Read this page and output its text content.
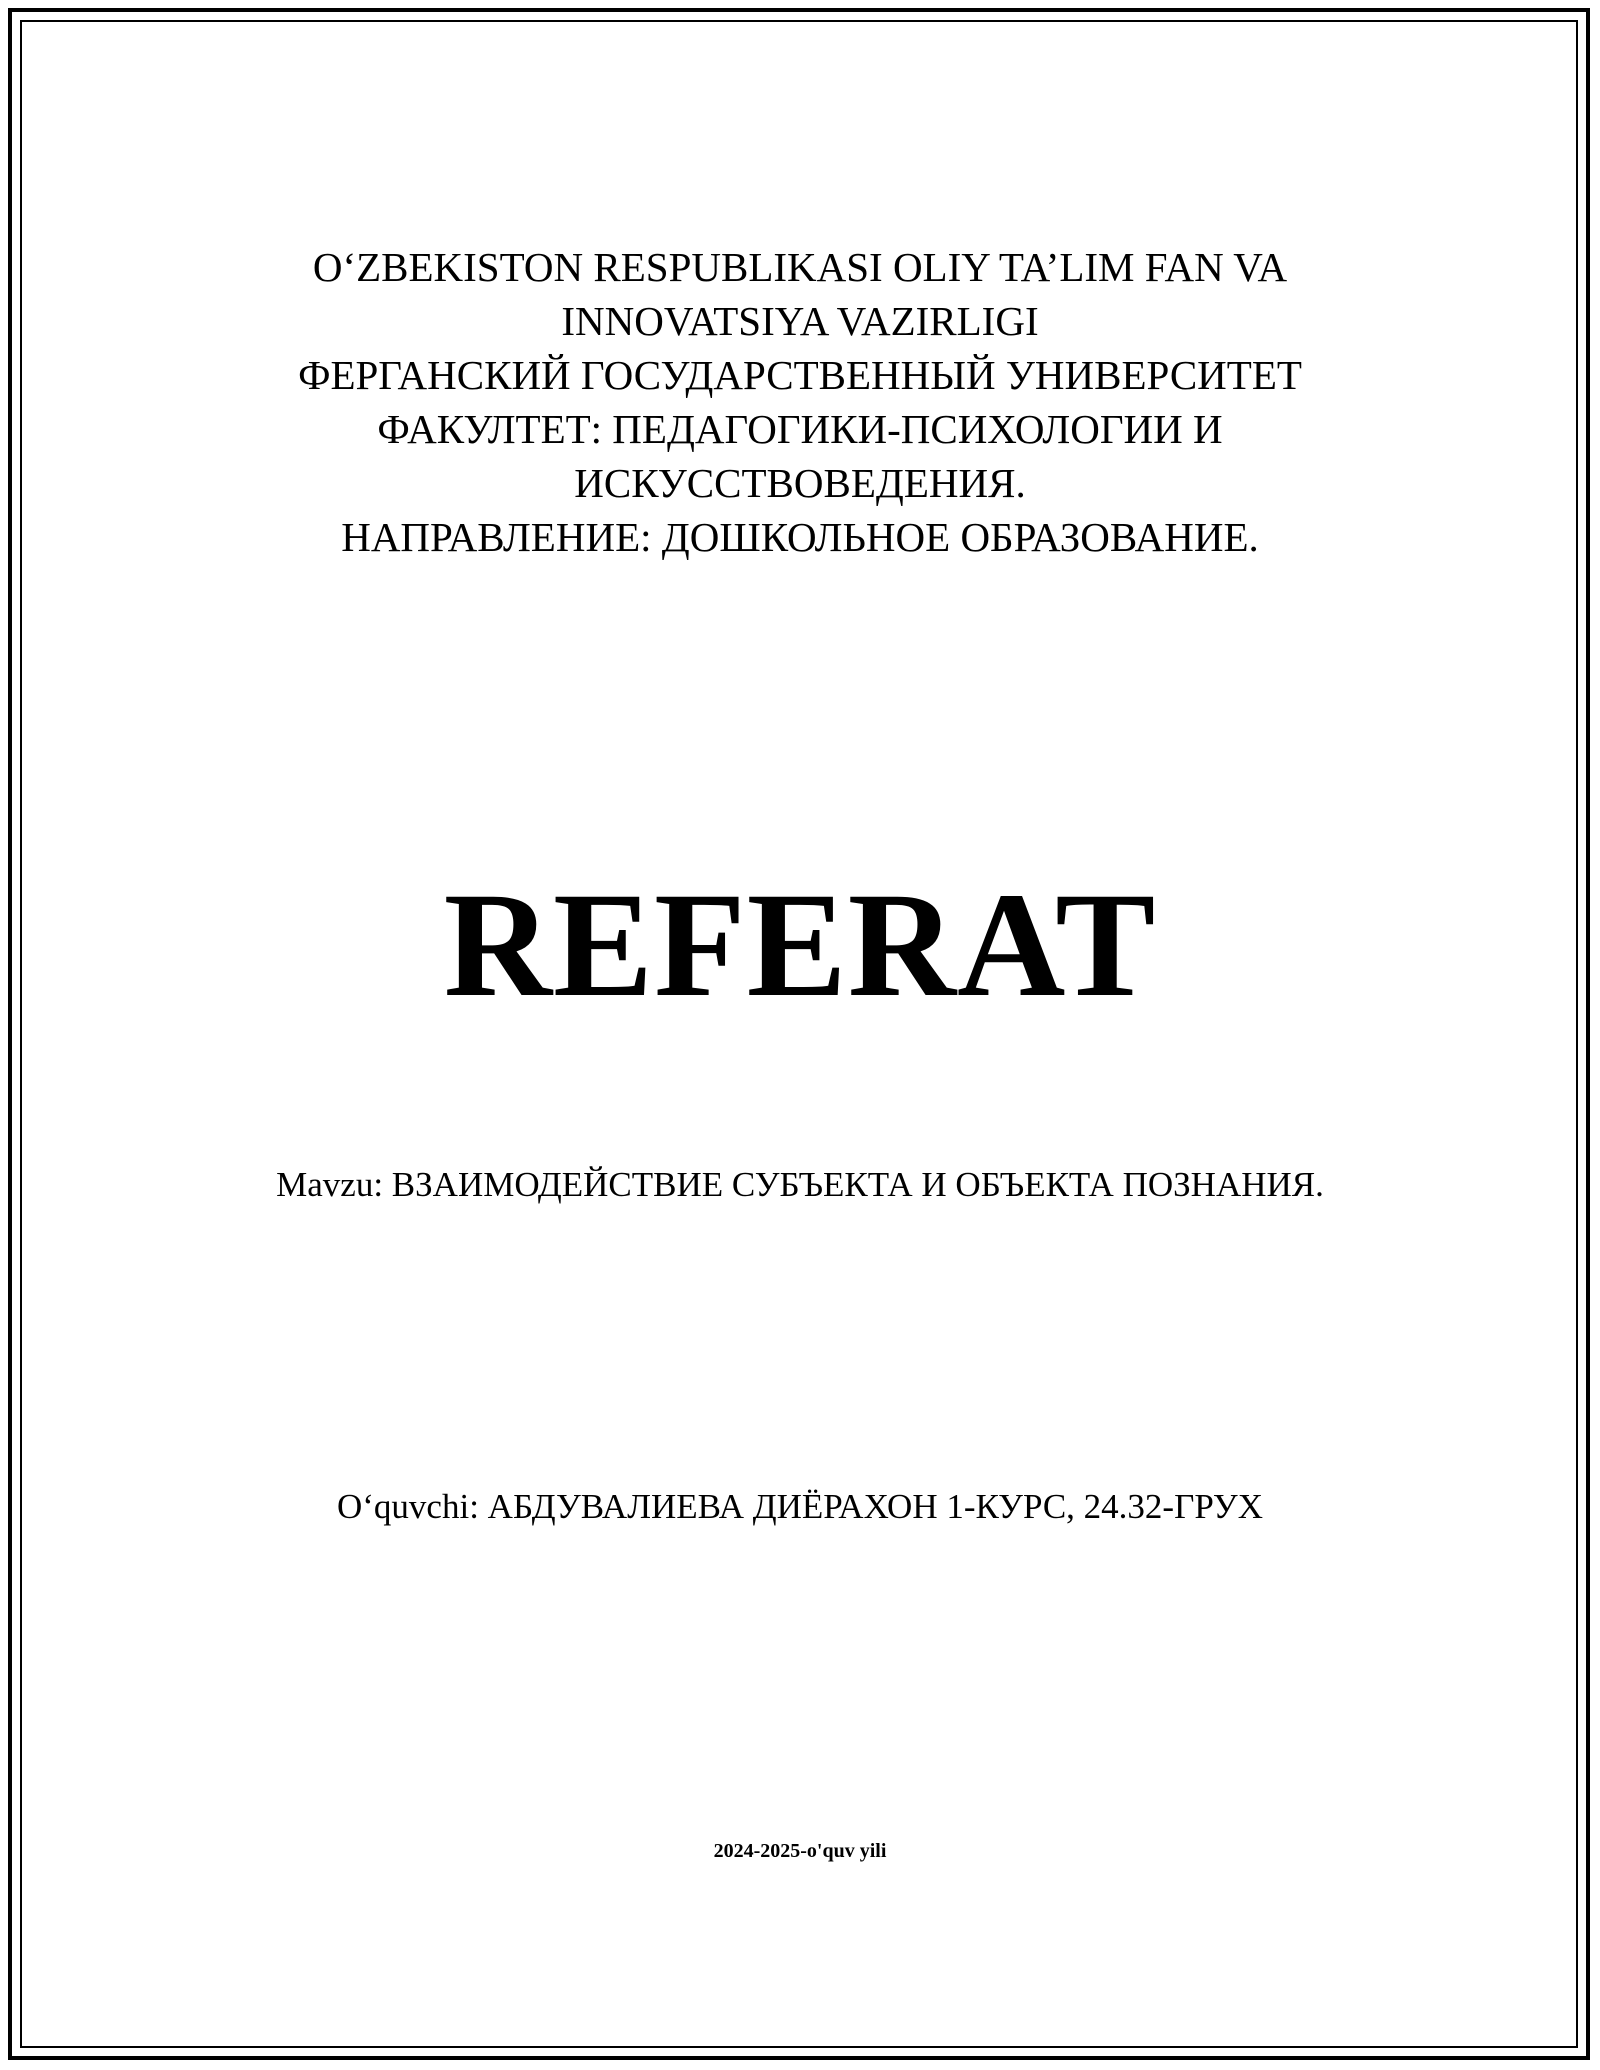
O‘ZBEKISTON RESPUBLIKASI OLIY TA’LIM FAN VA
INNOVATSIYA VAZIRLIGI
ФЕРГАНСКИЙ ГОСУДАРСТВЕННЫЙ УНИВЕРСИТЕТ
ФАКУЛТЕТ: ПЕДАГОГИКИ-ПСИХОЛОГИИ И
ИСКУССТВОВЕДЕНИЯ.
НАПРАВЛЕНИЕ: ДОШКОЛЬНОЕ ОБРАЗОВАНИЕ.
REFERAT
Mavzu: ВЗАИМОДЕЙСТВИЕ СУБЪЕКТА И ОБЪЕКТА ПОЗНАНИЯ.
O‘quvchi: АБДУВАЛИЕВА ДИЁРАХОН 1-КУРС, 24.32-ГРУХ
2024-2025-o'quv yili
